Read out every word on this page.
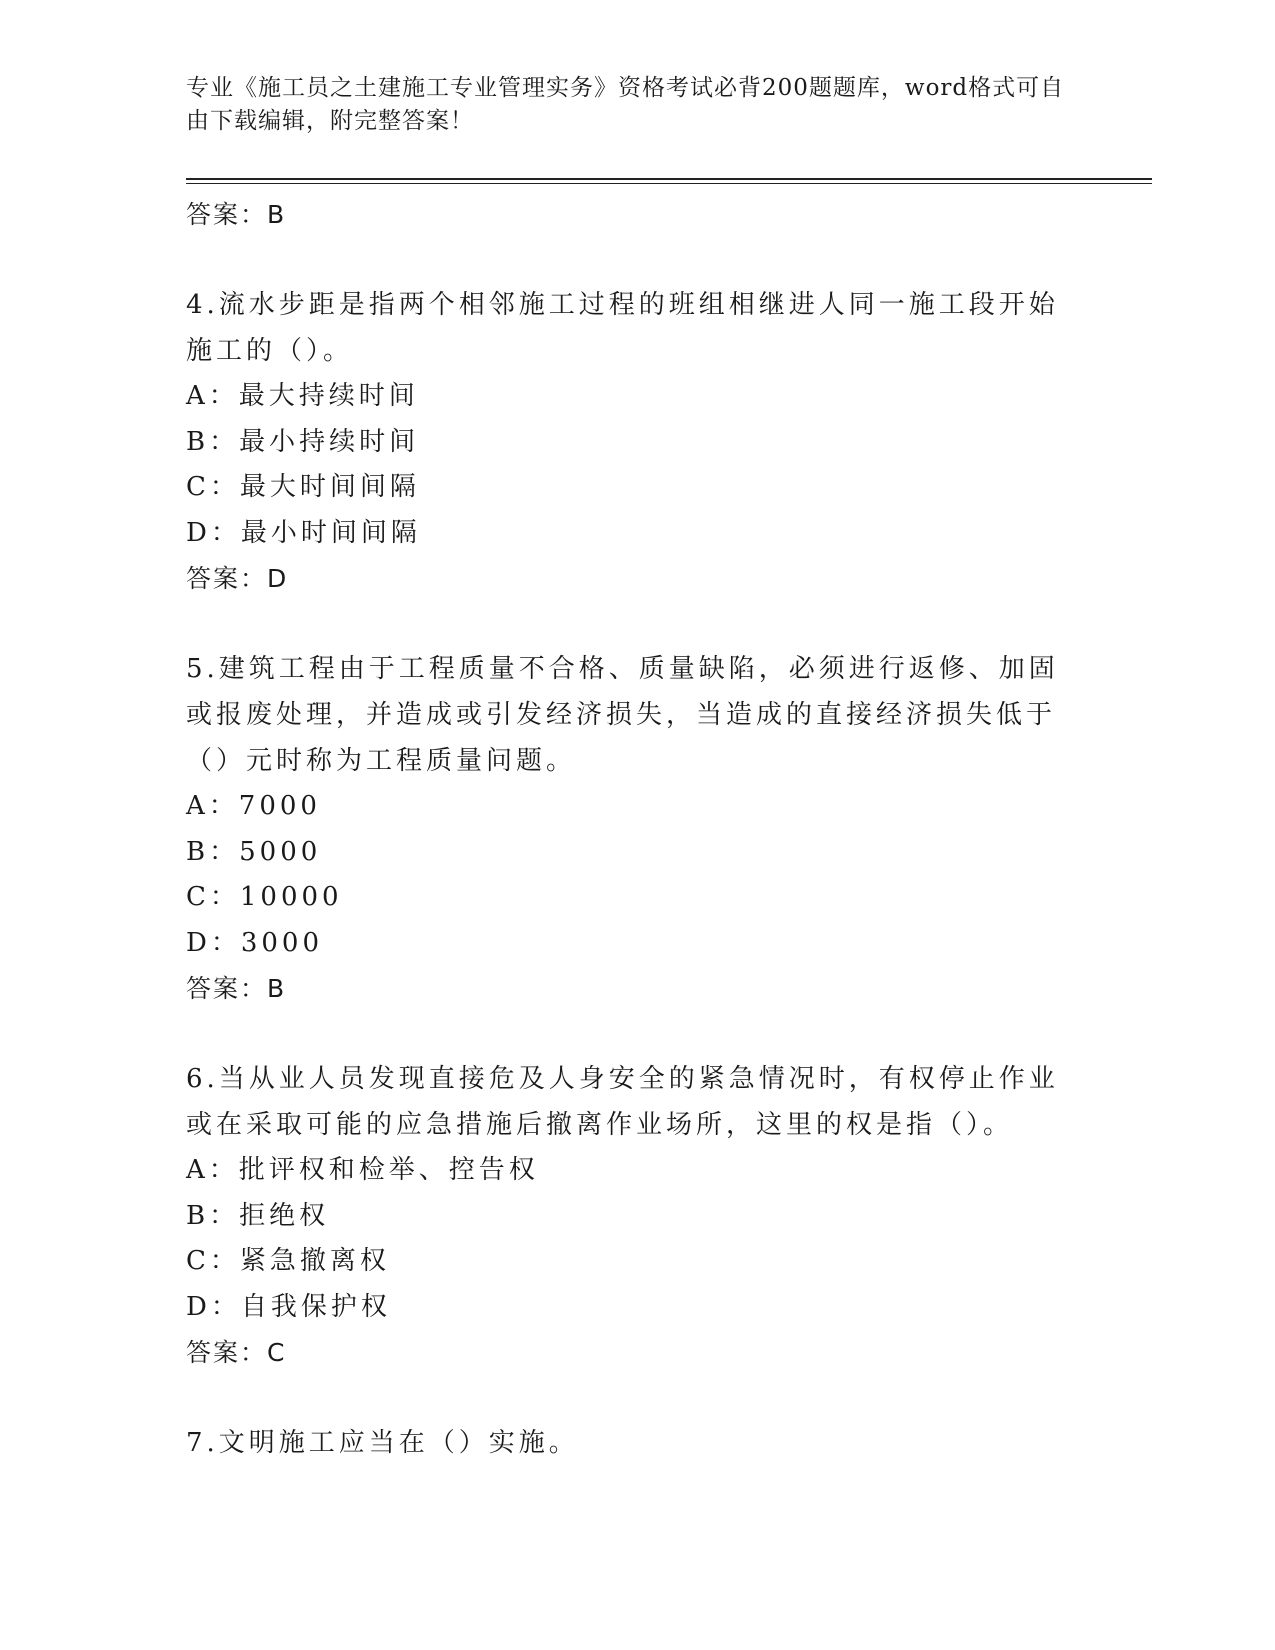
专业《施工员之土建施工专业管理实务》资格考试必背200题题库，word格式可自由下载编辑，附完整答案！

答案：B

4.流水步距是指两个相邻施工过程的班组相继进人同一施工段开始施工的（）。

A：最大持续时间

B：最小持续时间

C：最大时间间隔

D：最小时间间隔

答案：D

5.建筑工程由于工程质量不合格、质量缺陷，必须进行返修、加固或报废处理，并造成或引发经济损失，当造成的直接经济损失低于（）元时称为工程质量问题。

A：7000

B：5000

C：10000

D：3000

答案：B

6.当从业人员发现直接危及人身安全的紧急情况时，有权停止作业或在采取可能的应急措施后撤离作业场所，这里的权是指（）。

A：批评权和检举、控告权

B：拒绝权

C：紧急撤离权

D：自我保护权

答案：C

7.文明施工应当在（）实施。
